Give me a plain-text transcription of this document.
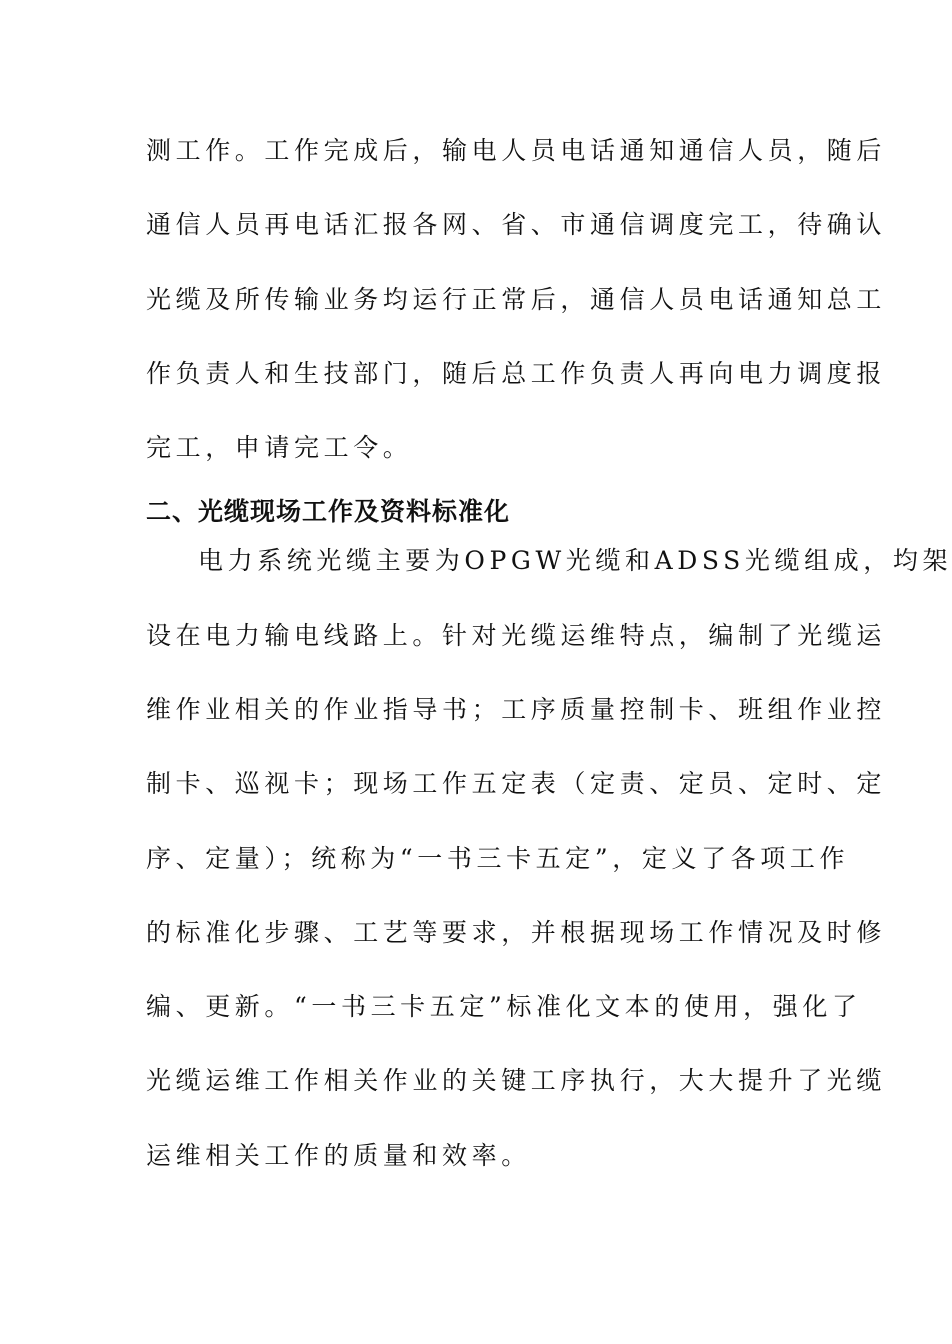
测工作。工作完成后，输电人员电话通知通信人员，随后
通信人员再电话汇报各网、省、市通信调度完工，待确认
光缆及所传输业务均运行正常后，通信人员电话通知总工
作负责人和生技部门，随后总工作负责人再向电力调度报
完工，申请完工令。
二、光缆现场工作及资料标准化
电力系统光缆主要为OPGW光缆和ADSS光缆组成，均架
设在电力输电线路上。针对光缆运维特点，编制了光缆运
维作业相关的作业指导书；工序质量控制卡、班组作业控
制卡、巡视卡；现场工作五定表（定责、定员、定时、定
序、定量）；统称为“一书三卡五定”，定义了各项工作
的标准化步骤、工艺等要求，并根据现场工作情况及时修
编、更新。“一书三卡五定”标准化文本的使用，强化了
光缆运维工作相关作业的关键工序执行，大大提升了光缆
运维相关工作的质量和效率。
